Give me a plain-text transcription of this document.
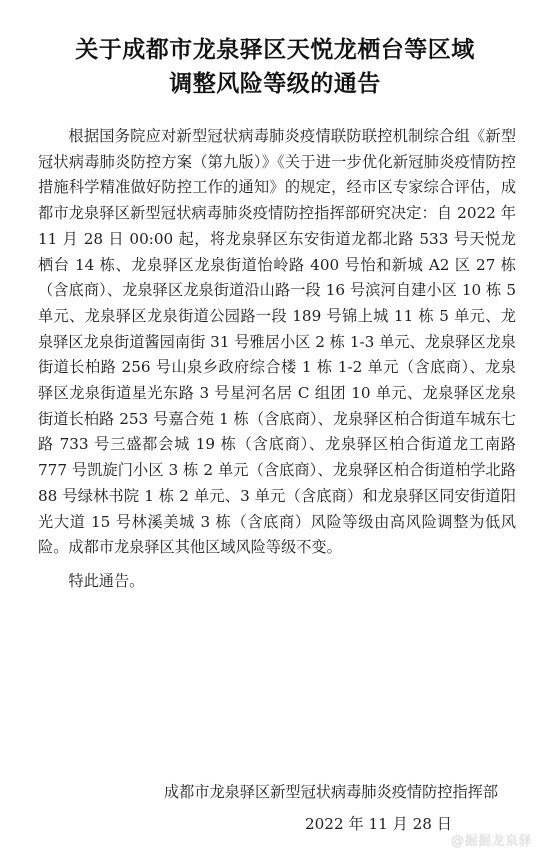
关于成都市龙泉驿区天悦龙栖台等区域
调整风险等级的通告

根据国务院应对新型冠状病毒肺炎疫情联防联控机制综合组《新型冠状病毒肺炎防控方案（第九版）》《关于进一步优化新冠肺炎疫情防控措施科学精准做好防控工作的通知》的规定，经市区专家综合评估，成都市龙泉驿区新型冠状病毒肺炎疫情防控指挥部研究决定：自 2022 年 11 月 28 日 00:00 起，将龙泉驿区东安街道龙都北路 533 号天悦龙栖台 14 栋、龙泉驿区龙泉街道怡岭路 400 号怡和新城 A2 区 27 栋（含底商）、龙泉驿区龙泉街道沿山路一段 16 号滨河自建小区 10 栋 5 单元、龙泉驿区龙泉街道公园路一段 189 号锦上城 11 栋 5 单元、龙泉驿区龙泉街道酱园南街 31 号雅居小区 2 栋 1-3 单元、龙泉驿区龙泉街道长柏路 256 号山泉乡政府综合楼 1 栋 1-2 单元（含底商）、龙泉驿区龙泉街道星光东路 3 号星河名居 C 组团 10 单元、龙泉驿区龙泉街道长柏路 253 号嘉合苑 1 栋（含底商）、龙泉驿区柏合街道车城东七路 733 号三盛都会城 19 栋（含底商）、龙泉驿区柏合街道龙工南路 777 号凯旋门小区 3 栋 2 单元（含底商）、龙泉驿区柏合街道柏学北路 88 号绿林书院 1 栋 2 单元、3 单元（含底商）和龙泉驿区同安街道阳光大道 15 号林溪美城 3 栋（含底商）风险等级由高风险调整为低风险。成都市龙泉驿区其他区域风险等级不变。

特此通告。

成都市龙泉驿区新型冠状病毒肺炎疫情防控指挥部
2022 年 11 月 28 日
@掘掘龙泉驿
